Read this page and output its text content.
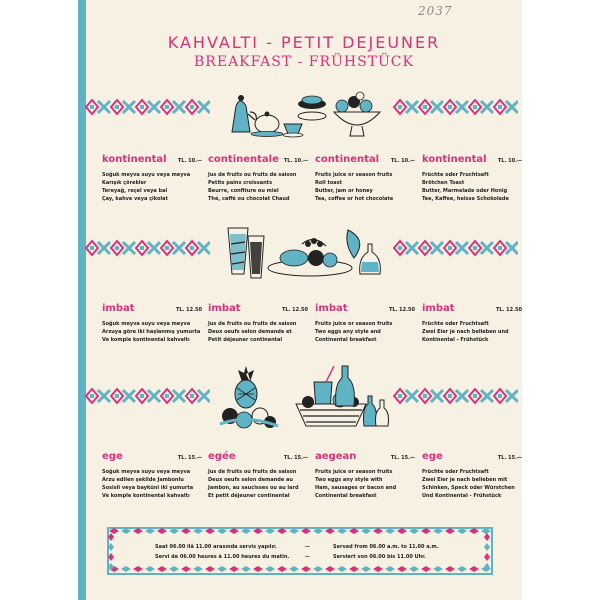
2037
KAHVALTI - PETIT DEJEUNER
BREAKFAST - FRÜHSTÜCK
kontinental TL. 10.—
Soğuk meyva suyu veya meyva
Karışık çörekler
Tereyağ, reçel veya bal
Çay, kahve veya çikolat
continentale TL. 10.—
Jus de fruits ou fruits de saison
Petits pains croissants
Beurre, confiture ou miel
Thé, caffé ou chocolat Chaud
continental TL. 10.—
Fruits juice or season fruits
Roll toast
Butter, jam or honey
Tea, coffee or hot chocolate
kontinental TL. 10.—
Früchte oder Fruchtsaft
Brötchen Toast
Butter, Marmelade oder Honig
Tee, Kaffee, heisse Schokolade
imbat	TL. 12.50
Soğuk meyva suyu veya meyva
Arzuya göre iki haşlanmış yumurta
Ve komple kontinental kahvaltı
imbat	TL. 12.50
Jus de fruits ou fruits de saison
Deux oeufs selon demande et
Petit déjeuner continental
imbat	TL. 12.50
Fruits juice or season fruits
Two eggs any style and
Continental breakfast
imbat	TL. 12.50
Früchte oder Fruchtsaft
Zwei Eier je nach belieben und
Kontinental - Frühstück
ege	TL. 15.—
Soğuk meyva suyu veya meyva
Arzu edilen şekilde Jambonlu
Sosisli veya bayküni iki yumurta
Ve komple kontinental kahvaltı
egée	TL. 15.—
Jus de fruits ou fruits de saison
Deux oeufs selon demande au
Jambon, au saucisses ou au lard
Et petit déjeuner continental
aegean	TL. 15.—
Fruits juice or season fruits
Two eggs any style with
Ham, sausages or bacon and
Continental breakfast
ege	TL. 15.—
Früchte oder Fruchtsaft
Zwei Eier je nach belieben mit
Schinken, Speck oder Würstchen
Und Kontinental - Frühstück
Saat 06.00 ilâ 11.00 arasında servis yapılır.	—	Served from 06.00 a.m. to 11.00 a.m.
Servi de 06.00 heures à 11.00 heures du matin.	—	Serviert von 06.00 bis 11.00 Uhr.
